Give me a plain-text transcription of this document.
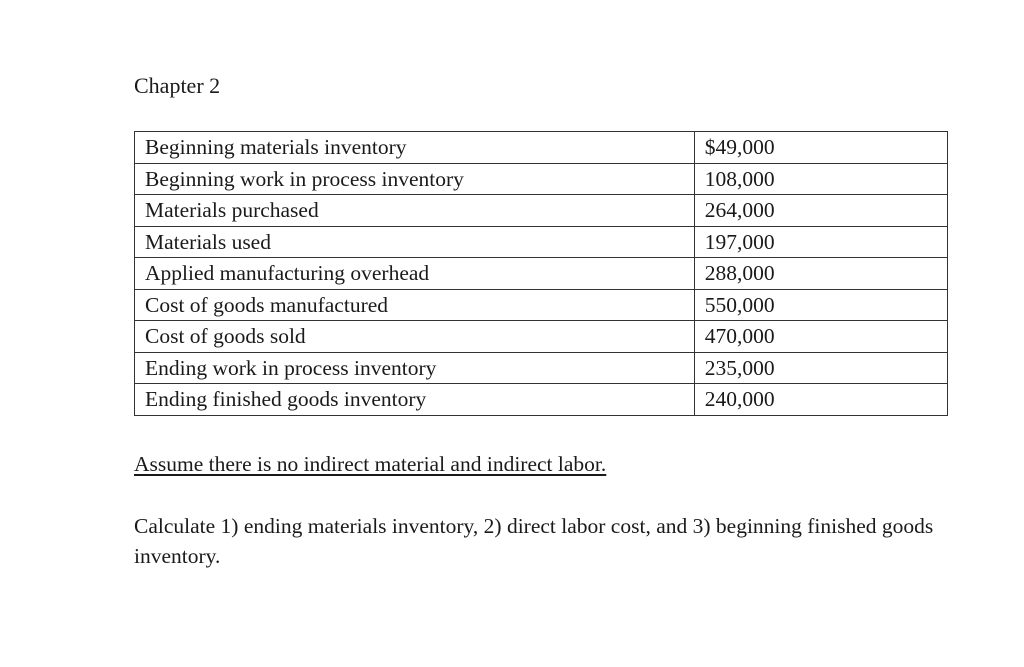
Chapter 2
Beginning materials inventory	$49,000
Beginning work in process inventory	108,000
Materials purchased	264,000
Materials used	197,000
Applied manufacturing overhead	288,000
Cost of goods manufactured	550,000
Cost of goods sold	470,000
Ending work in process inventory	235,000
Ending finished goods inventory	240,000

Assume there is no indirect material and indirect labor.

Calculate 1) ending materials inventory, 2) direct labor cost, and 3) beginning finished goods inventory.
